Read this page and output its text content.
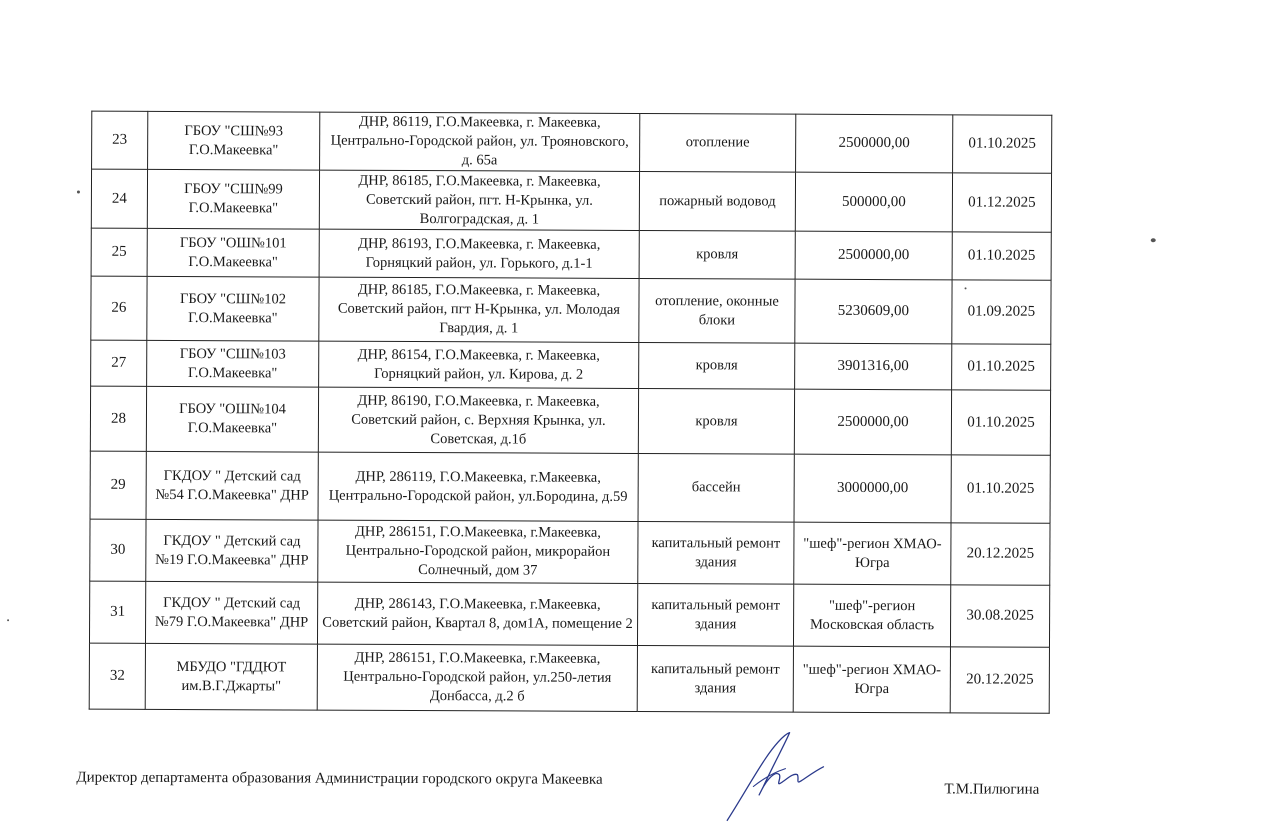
23	ГБОУ "СШ№93 Г.О.Макеевка"	ДНР, 86119, Г.О.Макеевка, г. Макеевка, Центрально-Городской район, ул. Трояновского, д. 65а	отопление	2500000,00	01.10.2025
24	ГБОУ "СШ№99 Г.О.Макеевка"	ДНР, 86185, Г.О.Макеевка, г. Макеевка, Советский район, пгт. Н-Крынка, ул. Волгоградская, д. 1	пожарный водовод	500000,00	01.12.2025
25	ГБОУ "ОШ№101 Г.О.Макеевка"	ДНР, 86193, Г.О.Макеевка, г. Макеевка, Горняцкий район, ул. Горького, д.1-1	кровля	2500000,00	01.10.2025
26	ГБОУ "СШ№102 Г.О.Макеевка"	ДНР, 86185, Г.О.Макеевка, г. Макеевка, Советский район, пгт Н-Крынка, ул. Молодая Гвардия, д. 1	отопление, оконные блоки	5230609,00	01.09.2025
27	ГБОУ "СШ№103 Г.О.Макеевка"	ДНР, 86154, Г.О.Макеевка, г. Макеевка, Горняцкий район, ул. Кирова, д. 2	кровля	3901316,00	01.10.2025
28	ГБОУ "ОШ№104 Г.О.Макеевка"	ДНР, 86190, Г.О.Макеевка, г. Макеевка, Советский район, с. Верхняя Крынка, ул. Советская, д.1б	кровля	2500000,00	01.10.2025
29	ГКДОУ " Детский сад №54 Г.О.Макеевка" ДНР	ДНР, 286119, Г.О.Макеевка, г.Макеевка, Центрально-Городской район, ул.Бородина, д.59	бассейн	3000000,00	01.10.2025
30	ГКДОУ " Детский сад №19 Г.О.Макеевка" ДНР	ДНР, 286151, Г.О.Макеевка, г.Макеевка, Центрально-Городской район, микрорайон Солнечный, дом 37	капитальный ремонт здания	"шеф"-регион ХМАО-Югра	20.12.2025
31	ГКДОУ " Детский сад №79 Г.О.Макеевка" ДНР	ДНР, 286143, Г.О.Макеевка, г.Макеевка, Советский район, Квартал 8, дом1А, помещение 2	капитальный ремонт здания	"шеф"-регион Московская область	30.08.2025
32	МБУДО "ГДДЮТ им.В.Г.Джарты"	ДНР, 286151, Г.О.Макеевка, г.Макеевка, Центрально-Городской район, ул.250-летия Донбасса, д.2 б	капитальный ремонт здания	"шеф"-регион ХМАО-Югра	20.12.2025
Директор департамента образования Администрации городского округа Макеевка
Т.М.Пилюгина
